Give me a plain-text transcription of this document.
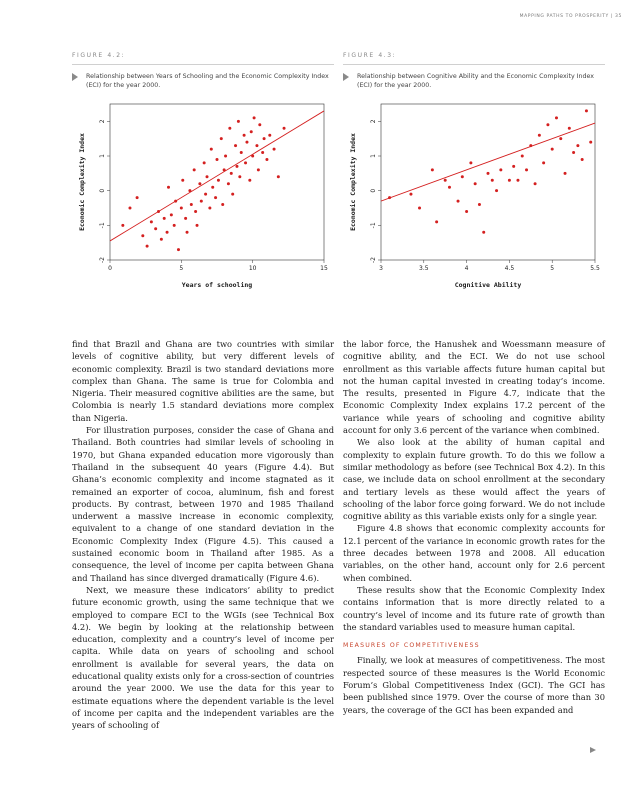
MAPPING PATHS TO PROSPERITY | 35
FIGURE 4.2:
Relationship between Years of Schooling and the Economic Complexity Index (ECI) for the year 2000.
0	5	10	15
-2
-1
0
1
2
Years of schooling
Economic Complexity Index
FIGURE 4.3:
Relationship between Cognitive Ability and the Economic Complexity Index (ECI) for the year 2000.
3	3.5	4	4.5	5	5.5
-2
-1
0
1
2
Cognitive Ability
Economic Complexity Index

find that Brazil and Ghana are two countries with similar levels of cognitive ability, but very different levels of economic complexity. Brazil is two standard deviations more complex than Ghana. The same is true for Colombia and Nigeria. Their measured cognitive abilities are the same, but Colombia is nearly 1.5 standard deviations more complex than Nigeria.

For illustration purposes, consider the case of Ghana and Thailand. Both countries had similar levels of schooling in 1970, but Ghana expanded education more vigorously than Thailand in the subsequent 40 years (Figure 4.4). But Ghana’s economic complexity and income stagnated as it remained an exporter of cocoa, aluminum, fish and forest products. By contrast, between 1970 and 1985 Thailand underwent a massive increase in economic complexity, equivalent to a change of one standard deviation in the Economic Complexity Index (Figure 4.5). This caused a sustained economic boom in Thailand after 1985. As a consequence, the level of income per capita between Ghana and Thailand has since diverged dramatically (Figure 4.6).

Next, we measure these indicators’ ability to predict future economic growth, using the same technique that we employed to compare ECI to the WGIs (see Technical Box 4.2). We begin by looking at the relationship between education, complexity and a country’s level of income per capita. While data on years of schooling and school enrollment is available for several years, the data on educational quality exists only for a cross-section of countries around the year 2000. We use the data for this year to estimate equations where the dependent variable is the level of income per capita and the independent variables are the years of schooling of

the labor force, the Hanushek and Woessmann measure of cognitive ability, and the ECI. We do not use school enrollment as this variable affects future human capital but not the human capital invested in creating today’s income. The results, presented in Figure 4.7, indicate that the Economic Complexity Index explains 17.2 percent of the variance while years of schooling and cognitive ability account for only 3.6 percent of the variance when combined.

We also look at the ability of human capital and complexity to explain future growth. To do this we follow a similar methodology as before (see Technical Box 4.2). In this case, we include data on school enrollment at the secondary and tertiary levels as these would affect the years of schooling of the labor force going forward. We do not include cognitive ability as this variable exists only for a single year.

Figure 4.8 shows that economic complexity accounts for 12.1 percent of the variance in economic growth rates for the three decades between 1978 and 2008. All education variables, on the other hand, account only for 2.6 percent when combined.

These results show that the Economic Complexity Index contains information that is more directly related to a country’s level of income and its future rate of growth than the standard variables used to measure human capital.

MEASURES OF COMPETITIVENESS

Finally, we look at measures of competitiveness. The most respected source of these measures is the World Economic Forum’s Global Competitiveness Index (GCI). The GCI has been published since 1979. Over the course of more than 30 years, the coverage of the GCI has been expanded and
